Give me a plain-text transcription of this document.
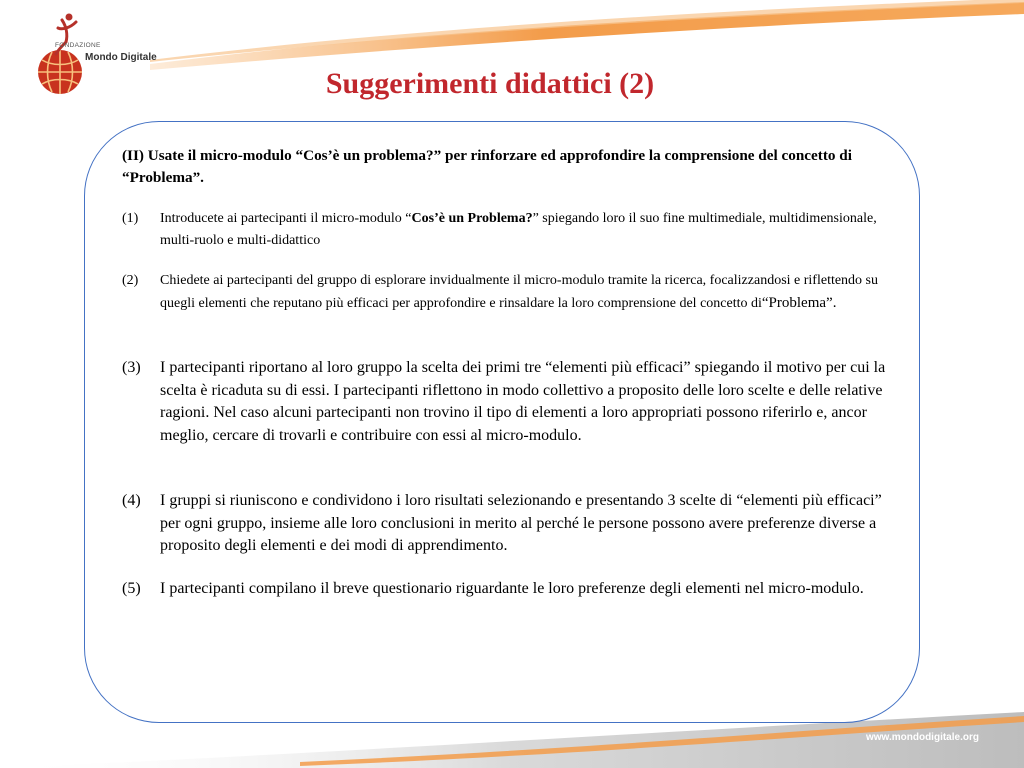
FONDAZIONE
Mondo Digitale
Suggerimenti didattici (2)
(II) Usate il micro-modulo “Cos’è un problema?” per rinforzare ed approfondire la comprensione del concetto di “Problema”.
(1) Introducete ai partecipanti il micro-modulo “Cos’è un Problema?” spiegando loro il suo fine multimediale, multidimensionale, multi-ruolo e multi-didattico
(2) Chiedete ai partecipanti del gruppo di esplorare invidualmente il micro-modulo tramite la ricerca, focalizzandosi e riflettendo su quegli elementi che reputano più efficaci per approfondire e rinsaldare la loro comprensione del concetto di“Problema”.
(3) I partecipanti riportano al loro gruppo la scelta dei primi tre “elementi più efficaci” spiegando il motivo per cui la scelta è ricaduta su di essi. I partecipanti riflettono in modo collettivo a proposito delle loro scelte e delle relative ragioni. Nel caso alcuni partecipanti non trovino il tipo di elementi a loro appropriati possono riferirlo e, ancor meglio, cercare di trovarli e contribuire con essi al micro-modulo.
(4) I gruppi si riuniscono e condividono i loro risultati selezionando e presentando 3 scelte di “elementi più efficaci” per ogni gruppo, insieme alle loro conclusioni in merito al perché le persone possono avere preferenze diverse a proposito degli elementi e dei modi di apprendimento.
(5) I partecipanti compilano il breve questionario riguardante le loro preferenze degli elementi nel micro-modulo.
www.mondodigitale.org
